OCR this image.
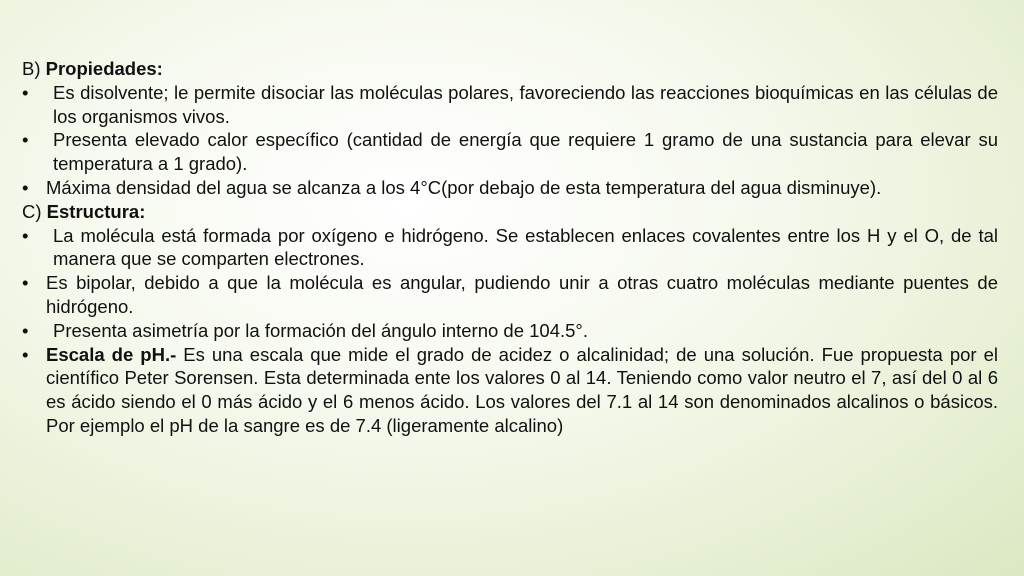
B) Propiedades:

• Es disolvente; le permite disociar las moléculas polares, favoreciendo las reacciones bioquímicas en las células de los organismos vivos.

• Presenta elevado calor específico (cantidad de energía que requiere 1 gramo de una sustancia para elevar su temperatura a 1 grado).

• Máxima densidad del agua se alcanza a los 4°C(por debajo de esta temperatura del agua disminuye).

C) Estructura:

• La molécula está formada por oxígeno e hidrógeno. Se establecen enlaces covalentes entre los H y el O, de tal manera que se comparten electrones.

• Es bipolar, debido a que la molécula es angular, pudiendo unir a otras cuatro moléculas mediante puentes de hidrógeno.

• Presenta asimetría por la formación del ángulo interno de 104.5°.

• Escala de pH.- Es una escala que mide el grado de acidez o alcalinidad; de una solución. Fue propuesta por el científico Peter Sorensen. Esta determinada ente los valores 0 al 14. Teniendo como valor neutro el 7, así del 0 al 6 es ácido siendo el 0 más ácido y el 6 menos ácido. Los valores del 7.1 al 14 son denominados alcalinos o básicos. Por ejemplo el pH de la sangre es de 7.4 (ligeramente alcalino)
